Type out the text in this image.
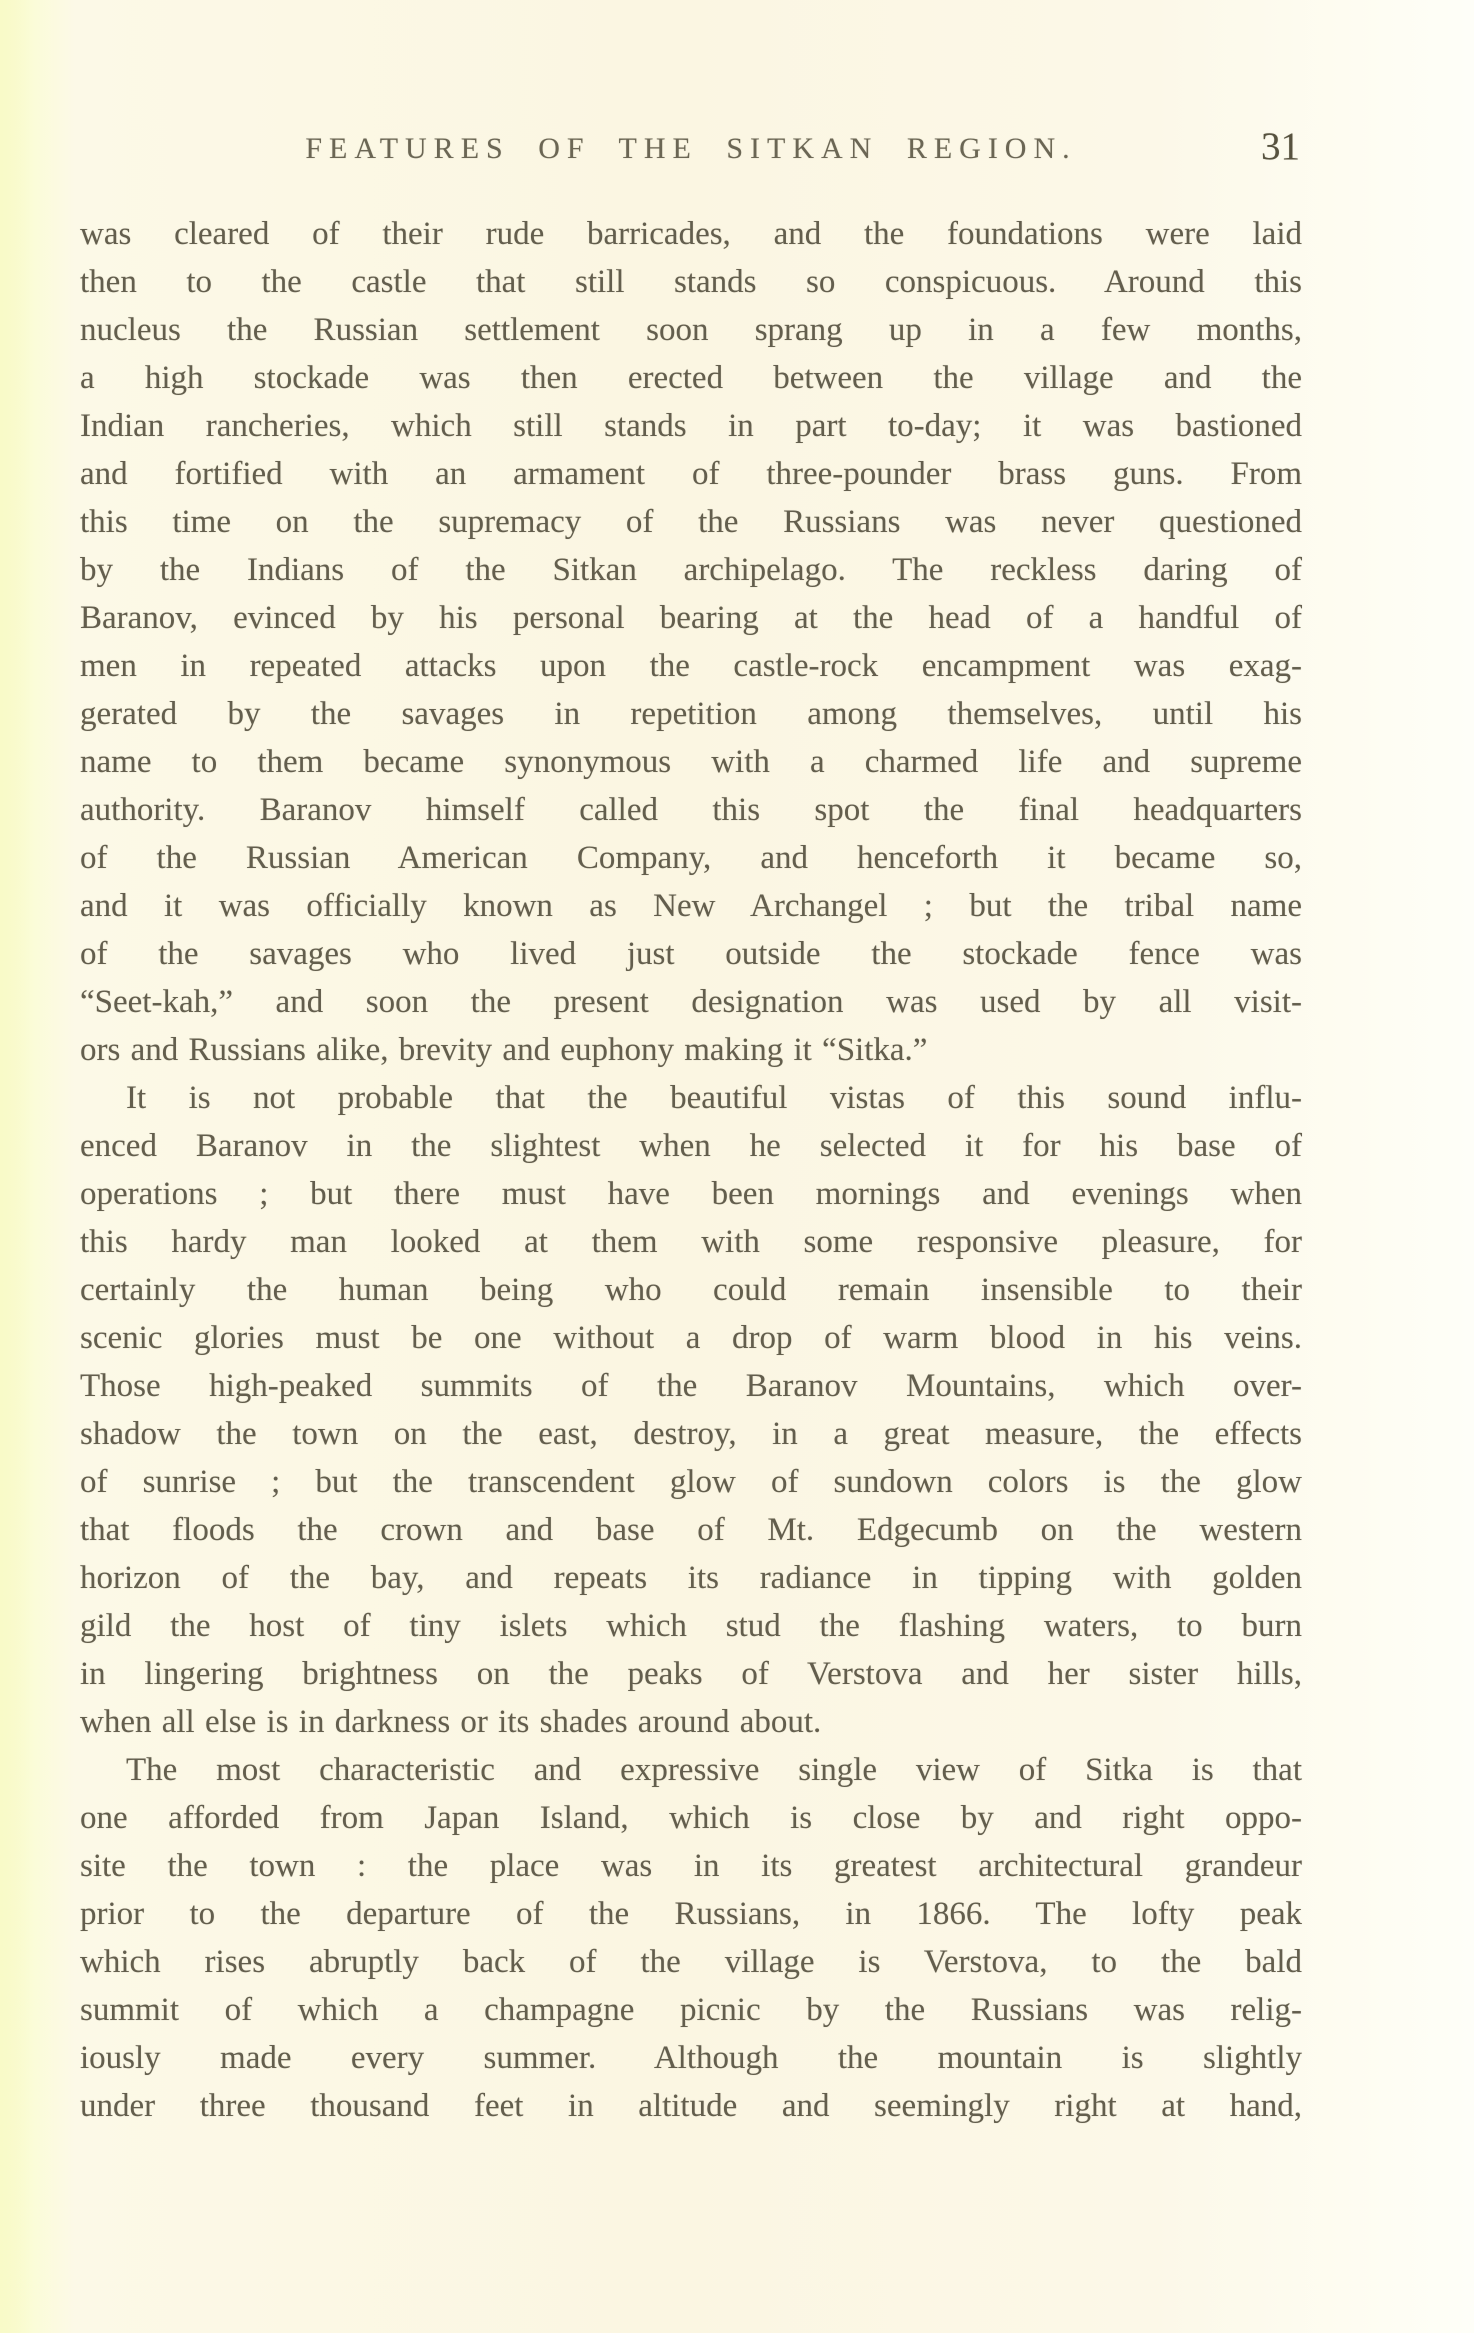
FEATURES OF THE SITKAN REGION.	31
was cleared of their rude barricades, and the foundations were laid
then to the castle that still stands so conspicuous. Around this
nucleus the Russian settlement soon sprang up in a few months,
a high stockade was then erected between the village and the
Indian rancheries, which still stands in part to-day; it was bastioned
and fortified with an armament of three-pounder brass guns. From
this time on the supremacy of the Russians was never questioned
by the Indians of the Sitkan archipelago. The reckless daring of
Baranov, evinced by his personal bearing at the head of a handful of
men in repeated attacks upon the castle-rock encampment was exag-
gerated by the savages in repetition among themselves, until his
name to them became synonymous with a charmed life and supreme
authority. Baranov himself called this spot the final headquarters
of the Russian American Company, and henceforth it became so,
and it was officially known as New Archangel ; but the tribal name
of the savages who lived just outside the stockade fence was
“Seet-kah,” and soon the present designation was used by all visit-
ors and Russians alike, brevity and euphony making it “Sitka.”
It is not probable that the beautiful vistas of this sound influ-
enced Baranov in the slightest when he selected it for his base of
operations ; but there must have been mornings and evenings when
this hardy man looked at them with some responsive pleasure, for
certainly the human being who could remain insensible to their
scenic glories must be one without a drop of warm blood in his veins.
Those high-peaked summits of the Baranov Mountains, which over-
shadow the town on the east, destroy, in a great measure, the effects
of sunrise ; but the transcendent glow of sundown colors is the glow
that floods the crown and base of Mt. Edgecumb on the western
horizon of the bay, and repeats its radiance in tipping with golden
gild the host of tiny islets which stud the flashing waters, to burn
in lingering brightness on the peaks of Verstova and her sister hills,
when all else is in darkness or its shades around about.
The most characteristic and expressive single view of Sitka is that
one afforded from Japan Island, which is close by and right oppo-
site the town : the place was in its greatest architectural grandeur
prior to the departure of the Russians, in 1866. The lofty peak
which rises abruptly back of the village is Verstova, to the bald
summit of which a champagne picnic by the Russians was relig-
iously made every summer. Although the mountain is slightly
under three thousand feet in altitude and seemingly right at hand,
